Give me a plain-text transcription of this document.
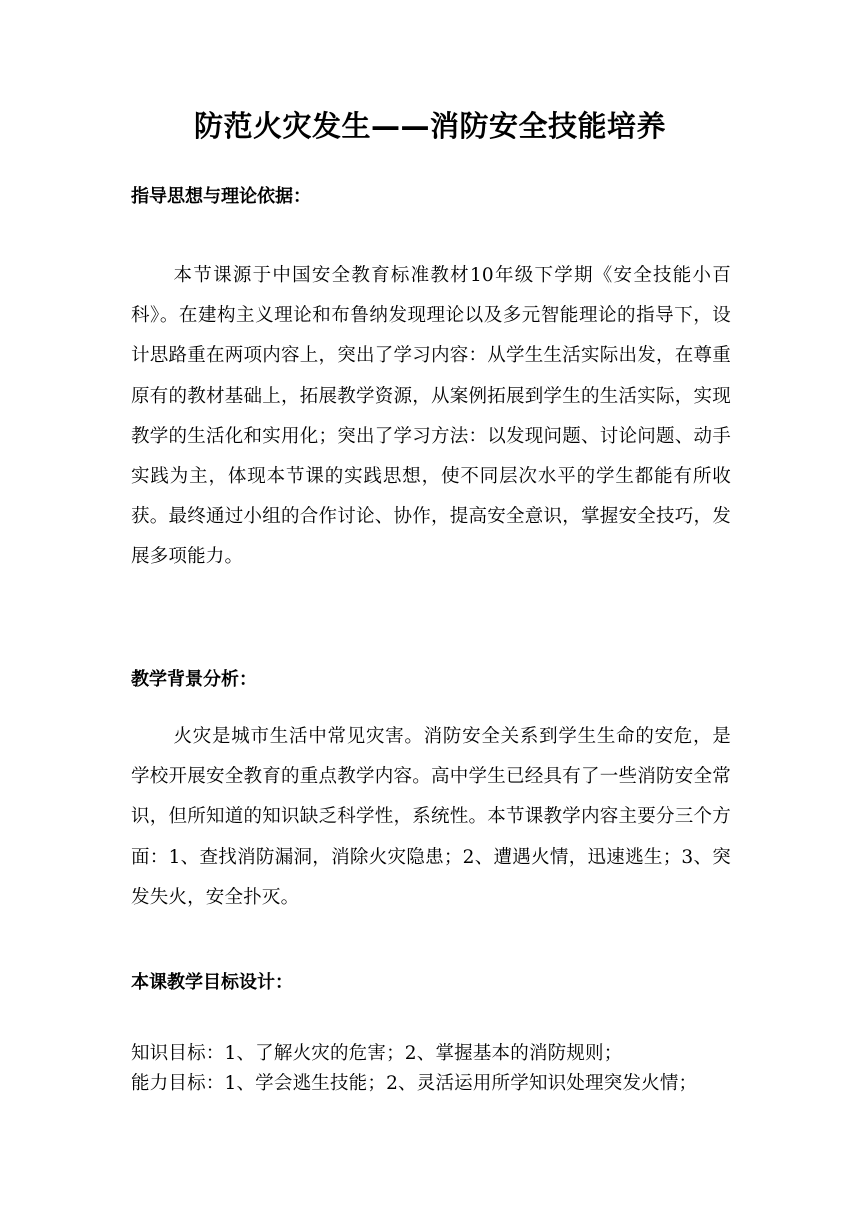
防范火灾发生——消防安全技能培养
指导思想与理论依据：
本节课源于中国安全教育标准教材10年级下学期《安全技能小百科》。在建构主义理论和布鲁纳发现理论以及多元智能理论的指导下，设计思路重在两项内容上，突出了学习内容：从学生生活实际出发，在尊重原有的教材基础上，拓展教学资源，从案例拓展到学生的生活实际，实现教学的生活化和实用化；突出了学习方法：以发现问题、讨论问题、动手实践为主，体现本节课的实践思想，使不同层次水平的学生都能有所收获。最终通过小组的合作讨论、协作，提高安全意识，掌握安全技巧，发展多项能力。
教学背景分析：
火灾是城市生活中常见灾害。消防安全关系到学生生命的安危，是学校开展安全教育的重点教学内容。高中学生已经具有了一些消防安全常识，但所知道的知识缺乏科学性，系统性。本节课教学内容主要分三个方面：1、查找消防漏洞，消除火灾隐患；2、遭遇火情，迅速逃生；3、突发失火，安全扑灭。
本课教学目标设计：
知识目标：1、了解火灾的危害；2、掌握基本的消防规则；
能力目标：1、学会逃生技能；2、灵活运用所学知识处理突发火情；
